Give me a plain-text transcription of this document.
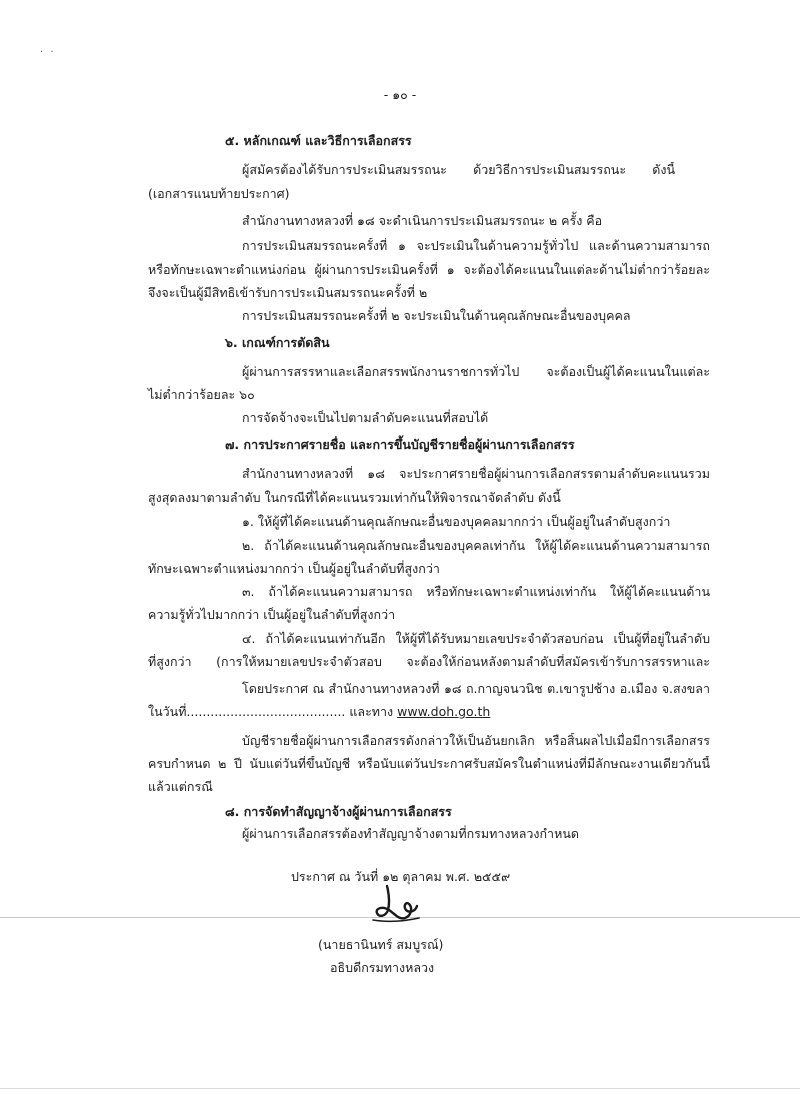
. .
- ๑๐ -
๕. หลักเกณฑ์ และวิธีการเลือกสรร
ผู้สมัครต้องได้รับการประเมินสมรรถนะ ด้วยวิธีการประเมินสมรรถนะ ดังนี้
(เอกสารแนบท้ายประกาศ)
สำนักงานทางหลวงที่ ๑๘ จะดำเนินการประเมินสมรรถนะ ๒ ครั้ง คือ
การประเมินสมรรถนะครั้งที่ ๑ จะประเมินในด้านความรู้ทั่วไป และด้านความสามารถ
หรือทักษะเฉพาะตำแหน่งก่อน ผู้ผ่านการประเมินครั้งที่ ๑ จะต้องได้คะแนนในแต่ละด้านไม่ต่ำกว่าร้อยละ
จึงจะเป็นผู้มีสิทธิเข้ารับการประเมินสมรรถนะครั้งที่ ๒
การประเมินสมรรถนะครั้งที่ ๒ จะประเมินในด้านคุณลักษณะอื่นของบุคคล
๖. เกณฑ์การตัดสิน
ผู้ผ่านการสรรหาและเลือกสรรพนักงานราชการทั่วไป จะต้องเป็นผู้ได้คะแนนในแต่ละ
ไม่ต่ำกว่าร้อยละ ๖๐
การจัดจ้างจะเป็นไปตามลำดับคะแนนที่สอบได้
๗. การประกาศรายชื่อ และการขึ้นบัญชีรายชื่อผู้ผ่านการเลือกสรร
สำนักงานทางหลวงที่ ๑๘ จะประกาศรายชื่อผู้ผ่านการเลือกสรรตามลำดับคะแนนรวม
สูงสุดลงมาตามลำดับ ในกรณีที่ได้คะแนนรวมเท่ากันให้พิจารณาจัดลำดับ ดังนี้
๑. ให้ผู้ที่ได้คะแนนด้านคุณลักษณะอื่นของบุคคลมากกว่า เป็นผู้อยู่ในลำดับสูงกว่า
๒. ถ้าได้คะแนนด้านคุณลักษณะอื่นของบุคคลเท่ากัน ให้ผู้ได้คะแนนด้านความสามารถ
ทักษะเฉพาะตำแหน่งมากกว่า เป็นผู้อยู่ในลำดับที่สูงกว่า
๓. ถ้าได้คะแนนความสามารถ หรือทักษะเฉพาะตำแหน่งเท่ากัน ให้ผู้ได้คะแนนด้าน
ความรู้ทั่วไปมากกว่า เป็นผู้อยู่ในลำดับที่สูงกว่า
๔. ถ้าได้คะแนนเท่ากันอีก ให้ผู้ที่ได้รับหมายเลขประจำตัวสอบก่อน เป็นผู้ที่อยู่ในลำดับ
ที่สูงกว่า (การให้หมายเลขประจำตัวสอบ จะต้องให้ก่อนหลังตามลำดับที่สมัครเข้ารับการสรรหาและ
โดยประกาศ ณ สำนักงานทางหลวงที่ ๑๘ ถ.กาญจนวนิช ต.เขารูปช้าง อ.เมือง จ.สงขลา
ในวันที่........................................ และทาง www.doh.go.th
บัญชีรายชื่อผู้ผ่านการเลือกสรรดังกล่าวให้เป็นอันยกเลิก หรือสิ้นผลไปเมื่อมีการเลือกสรร
ครบกำหนด ๒ ปี นับแต่วันที่ขึ้นบัญชี หรือนับแต่วันประกาศรับสมัครในตำแหน่งที่มีลักษณะงานเดียวกันนี้
แล้วแต่กรณี
๘. การจัดทำสัญญาจ้างผู้ผ่านการเลือกสรร
ผู้ผ่านการเลือกสรรต้องทำสัญญาจ้างตามที่กรมทางหลวงกำหนด
ประกาศ ณ วันที่ ๑๒ ตุลาคม พ.ศ. ๒๕๕๙
(นายธานินทร์ สมบูรณ์)
อธิบดีกรมทางหลวง
